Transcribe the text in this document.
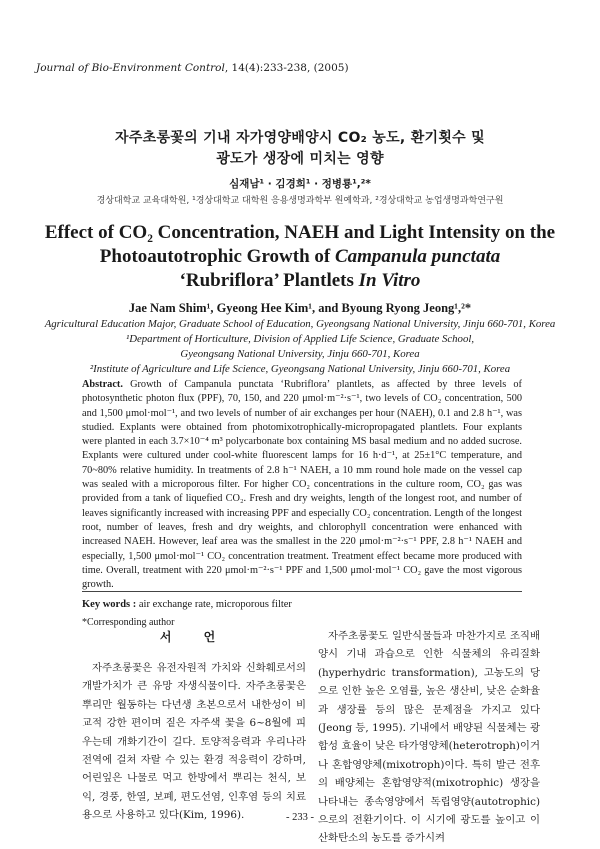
Journal of Bio-Environment Control, 14(4):233-238, (2005)
자주초롱꽃의 기내 자가영양배양시 CO₂ 농도, 환기횟수 및
광도가 생장에 미치는 영향
심재남¹ · 김경희¹ · 정병룡¹,²*
경상대학교 교육대학원, ¹경상대학교 대학원 응용생명과학부 원예학과, ²경상대학교 농업생명과학연구원
Effect of CO₂ Concentration, NAEH and Light Intensity on the
Photoautotrophic Growth of Campanula punctata
‘Rubriflora’ Plantlets In Vitro
Jae Nam Shim¹, Gyeong Hee Kim¹, and Byoung Ryong Jeong¹,²*
Agricultural Education Major, Graduate School of Education, Gyeongsang National University, Jinju 660-701, Korea
¹Department of Horticulture, Division of Applied Life Science, Graduate School,
Gyeongsang National University, Jinju 660-701, Korea
²Institute of Agriculture and Life Science, Gyeongsang National University, Jinju 660-701, Korea
Abstract. Growth of Campanula punctata ‘Rubriflora’ plantlets, as affected by three levels of photosynthetic photon flux (PPF), 70, 150, and 220 μmol·m⁻²·s⁻¹, two levels of CO₂ concentration, 500 and 1,500 μmol·mol⁻¹, and two levels of number of air exchanges per hour (NAEH), 0.1 and 2.8 h⁻¹, was studied. Explants were obtained from photomixotrophically-micropropagated plantlets. Four explants were planted in each 3.7×10⁻⁴ m³ polycarbonate box containing MS basal medium and no added sucrose. Explants were cultured under cool-white fluorescent lamps for 16 h·d⁻¹, at 25±1°C temperature, and 70~80% relative humidity. In treatments of 2.8 h⁻¹ NAEH, a 10 mm round hole made on the vessel cap was sealed with a microporous filter. For higher CO₂ concentrations in the culture room, CO₂ gas was provided from a tank of liquefied CO₂. Fresh and dry weights, length of the longest root, and number of leaves significantly increased with increasing PPF and especially CO₂ concentration. Length of the longest root, number of leaves, fresh and dry weights, and chlorophyll concentration were enhanced with increased NAEH. However, leaf area was the smallest in the 220 μmol·m⁻²·s⁻¹ PPF, 2.8 h⁻¹ NAEH and especially, 1,500 μmol·mol⁻¹ CO₂ concentration treatment. Treatment effect became more produced with time. Overall, treatment with 220 μmol·m⁻²·s⁻¹ PPF and 1,500 μmol·mol⁻¹ CO₂ gave the most vigorous growth.
Key words : air exchange rate, microporous filter
*Corresponding author
서 언
자주초롱꽃은 유전자원적 가치와 신화훼로서의 개발가치가 큰 유망 자생식물이다. 자주초롱꽃은 뿌리만 월동하는 다년생 초본으로서 내한성이 비교적 강한 편이며 짙은 자주색 꽃을 6~8월에 피우는데 개화기간이 길다. 토양적응력과 우리나라 전역에 걸쳐 자랄 수 있는 환경 적응력이 강하며, 어린잎은 나물로 먹고 한방에서 뿌리는 천식, 보익, 경풍, 한열, 보폐, 편도선염, 인후염 등의 치료용으로 사용하고 있다(Kim, 1996).
자주초롱꽃도 일반식물들과 마찬가지로 조직배양시 기내 과습으로 인한 식물체의 유리질화(hyperhydric transformation), 고농도의 당으로 인한 높은 오염률, 높은 생산비, 낮은 순화율과 생장률 등의 많은 문제점을 가지고 있다(Jeong 등, 1995). 기내에서 배양된 식물체는 광합성 효율이 낮은 타가영양체(heterotroph)이거나 혼합영양체(mixotroph)이다. 특히 발근 전후의 배양체는 혼합영양적(mixotrophic) 생장을 나타내는 종속영양에서 독립영양(autotrophic)으로의 전환기이다. 이 시기에 광도를 높이고 이산화탄소의 농도를 증가시켜
- 233 -
